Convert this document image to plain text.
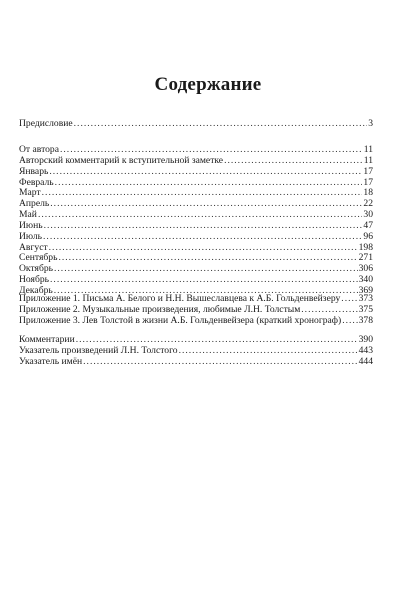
Содержание
Предисловие .....	3
От автора .....	11
Авторский комментарий к вступительной заметке .....	11
Январь .....	17
Февраль .....	17
Март .....	18
Апрель .....	22
Май .....	30
Июнь .....	47
Июль .....	96
Август .....	198
Сентябрь .....	271
Октябрь .....	306
Ноябрь .....	340
Декабрь .....	369
Приложение 1. Письма А. Белого и Н.Н. Вышеславцева к А.Б. Гольденвейзеру ..... 373
Приложение 2. Музыкальные произведения, любимые Л.Н. Толстым .....	375
Приложение 3. Лев Толстой в жизни А.Б. Гольденвейзера (краткий хронограф) ..... 378
Комментарии .....	390
Указатель произведений Л.Н. Толстого .....	443
Указатель имён .....	444
